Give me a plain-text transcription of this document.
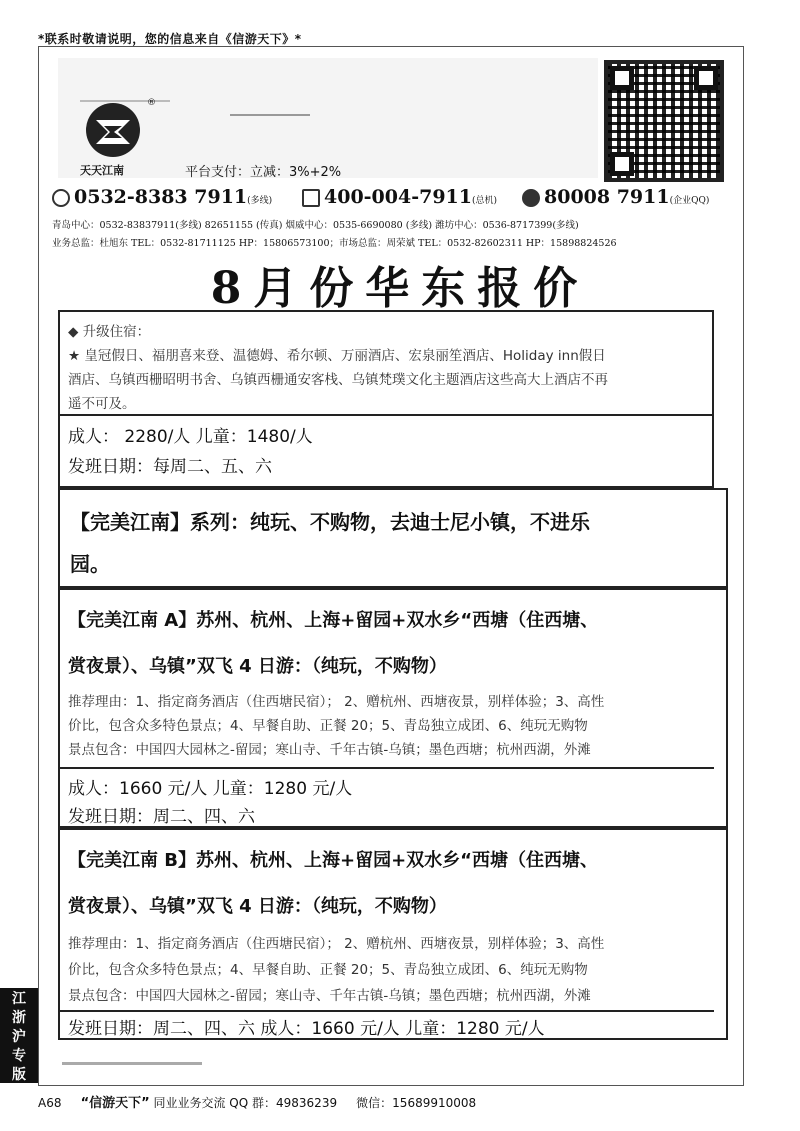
*联系时敬请说明，您的信息来自《信游天下》*
®
天天江南	平台支付：立减：3%+2%
0532-8383 7911(多线)	400-004-7911(总机)	80008 7911(企业QQ)
青岛中心：0532-83837911(多线) 82651155 (传真) 烟威中心：0535-6690080 (多线) 潍坊中心：0536-8717399(多线)
业务总监：杜旭东 TEL：0532-81711125 HP：15806573100；市场总监：周荣斌 TEL：0532-82602311 HP：15898824526
8月份华东报价
◆ 升级住宿：
★ 皇冠假日、福朋喜来登、温德姆、希尔顿、万丽酒店、宏泉丽笙酒店、Holiday inn假日
酒店、乌镇西栅昭明书舍、乌镇西栅通安客栈、乌镇梵璞文化主题酒店这些高大上酒店不再
遥不可及。
成人： 2280/人 儿童：1480/人
发班日期：每周二、五、六
【完美江南】系列：纯玩、不购物，去迪士尼小镇，不进乐
园。
【完美江南 A】苏州、杭州、上海+留园+双水乡“西塘（住西塘、
赏夜景）、乌镇”双飞 4 日游：（纯玩，不购物）
推荐理由：1、指定商务酒店（住西塘民宿）； 2、赠杭州、西塘夜景，别样体验；3、高性
价比，包含众多特色景点；4、早餐自助、正餐 20；5、青岛独立成团、6、纯玩无购物
景点包含：中国四大园林之-留园；寒山寺、千年古镇-乌镇；墨色西塘；杭州西湖，外滩
成人：1660 元/人 儿童：1280 元/人
发班日期：周二、四、六
【完美江南 B】苏州、杭州、上海+留园+双水乡“西塘（住西塘、
赏夜景）、乌镇”双飞 4 日游：（纯玩，不购物）
推荐理由：1、指定商务酒店（住西塘民宿）； 2、赠杭州、西塘夜景，别样体验；3、高性
价比，包含众多特色景点；4、早餐自助、正餐 20；5、青岛独立成团、6、纯玩无购物
景点包含：中国四大园林之-留园；寒山寺、千年古镇-乌镇；墨色西塘；杭州西湖，外滩
发班日期：周二、四、六 成人：1660 元/人 儿童：1280 元/人
江
浙
沪
专
版
A68 “信游天下” 同业业务交流 QQ 群：49836239 微信：15689910008
